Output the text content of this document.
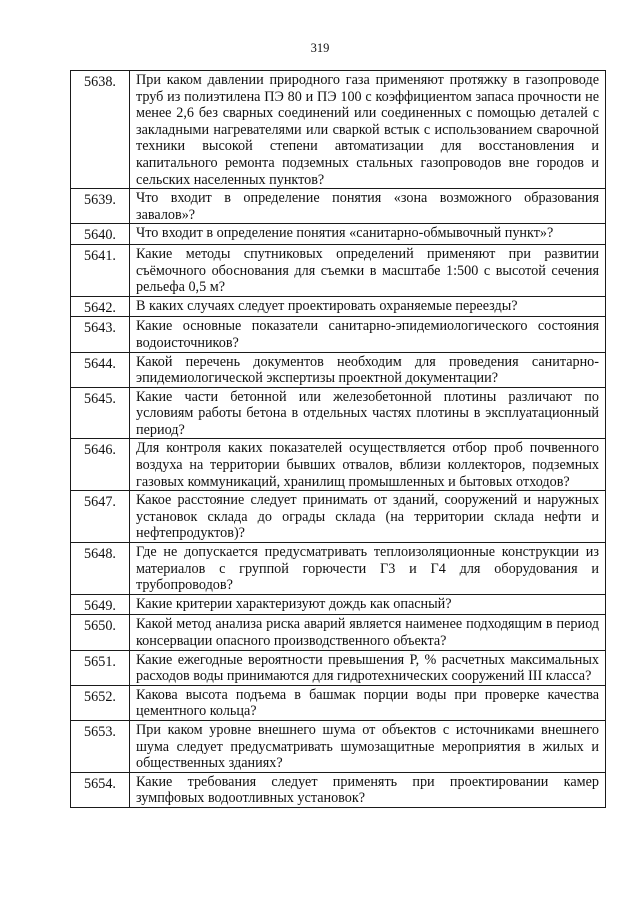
319
5638.	При каком давлении природного газа применяют протяжку в газопроводе труб из полиэтилена ПЭ 80 и ПЭ 100 с коэффициентом запаса прочности не менее 2,6 без сварных соединений или соединенных с помощью деталей с закладными нагревателями или сваркой встык с использованием сварочной техники высокой степени автоматизации для восстановления и капитального ремонта подземных стальных газопроводов вне городов и сельских населенных пунктов?
5639.	Что входит в определение понятия «зона возможного образования завалов»?
5640.	Что входит в определение понятия «санитарно-обмывочный пункт»?
5641.	Какие методы спутниковых определений применяют при развитии съёмочного обоснования для съемки в масштабе 1:500 с высотой сечения рельефа 0,5 м?
5642.	В каких случаях следует проектировать охраняемые переезды?
5643.	Какие основные показатели санитарно-эпидемиологического состояния водоисточников?
5644.	Какой перечень документов необходим для проведения санитарно-эпидемиологической экспертизы проектной документации?
5645.	Какие части бетонной или железобетонной плотины различают по условиям работы бетона в отдельных частях плотины в эксплуатационный период?
5646.	Для контроля каких показателей осуществляется отбор проб почвенного воздуха на территории бывших отвалов, вблизи коллекторов, подземных газовых коммуникаций, хранилищ промышленных и бытовых отходов?
5647.	Какое расстояние следует принимать от зданий, сооружений и наружных установок склада до ограды склада (на территории склада нефти и нефтепродуктов)?
5648.	Где не допускается предусматривать теплоизоляционные конструкции из материалов с группой горючести Г3 и Г4 для оборудования и трубопроводов?
5649.	Какие критерии характеризуют дождь как опасный?
5650.	Какой метод анализа риска аварий является наименее подходящим в период консервации опасного производственного объекта?
5651.	Какие ежегодные вероятности превышения Р, % расчетных максимальных расходов воды принимаются для гидротехнических сооружений III класса?
5652.	Какова высота подъема в башмак порции воды при проверке качества цементного кольца?
5653.	При каком уровне внешнего шума от объектов с источниками внешнего шума следует предусматривать шумозащитные мероприятия в жилых и общественных зданиях?
5654.	Какие требования следует применять при проектировании камер зумпфовых водоотливных установок?
